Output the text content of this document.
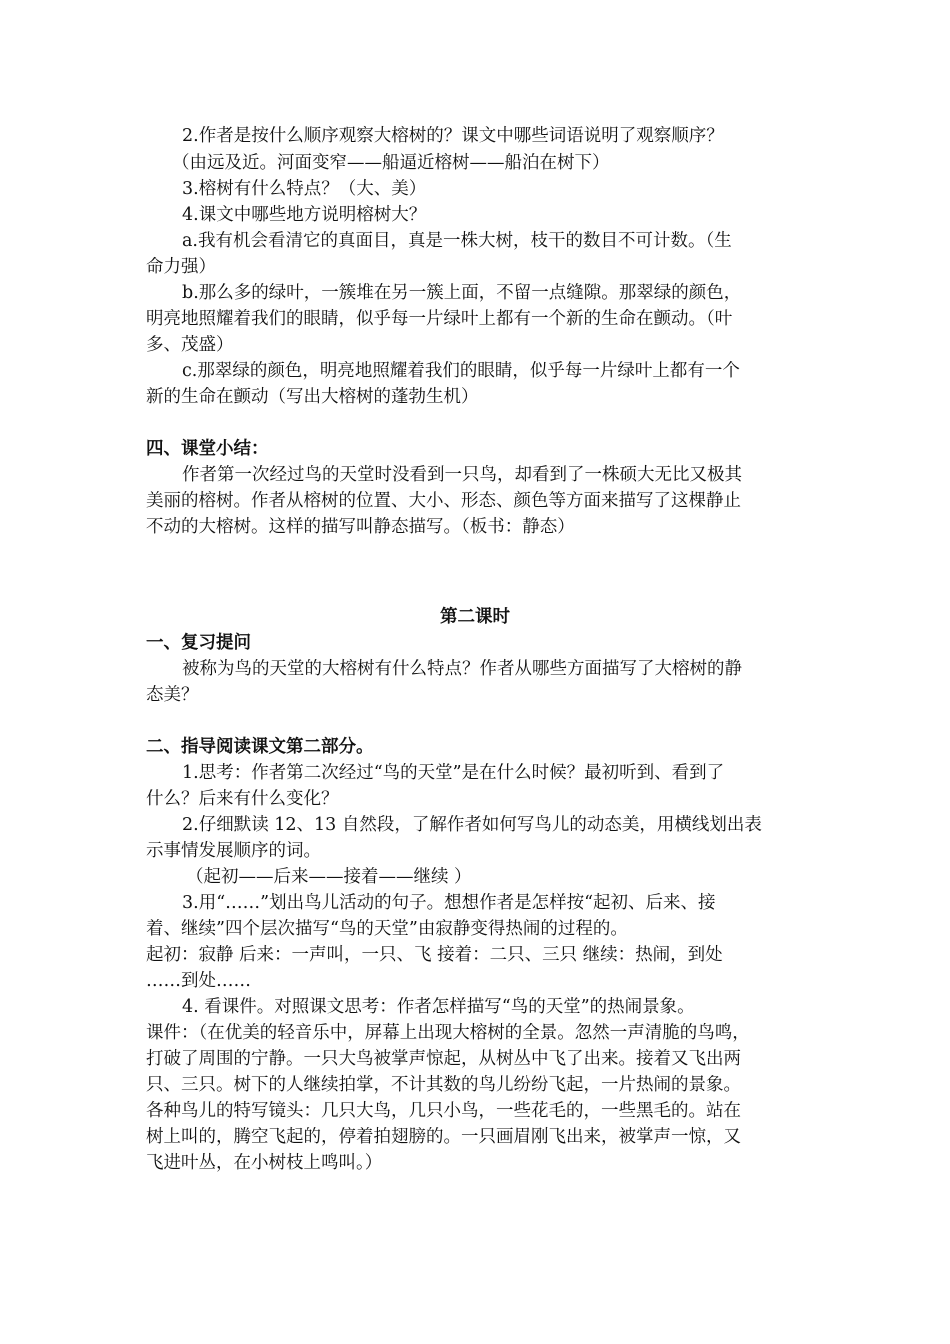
2.作者是按什么顺序观察大榕树的？课文中哪些词语说明了观察顺序？
（由远及近。河面变窄——船逼近榕树——船泊在树下）
3.榕树有什么特点？（大、美）
4.课文中哪些地方说明榕树大？
a.我有机会看清它的真面目，真是一株大树，枝干的数目不可计数。（生
命力强）
b.那么多的绿叶，一簇堆在另一簇上面，不留一点缝隙。那翠绿的颜色，
明亮地照耀着我们的眼睛，似乎每一片绿叶上都有一个新的生命在颤动。（叶
多、茂盛）
c.那翠绿的颜色，明亮地照耀着我们的眼睛，似乎每一片绿叶上都有一个
新的生命在颤动（写出大榕树的蓬勃生机）
四、课堂小结：
作者第一次经过鸟的天堂时没看到一只鸟，却看到了一株硕大无比又极其
美丽的榕树。作者从榕树的位置、大小、形态、颜色等方面来描写了这棵静止
不动的大榕树。这样的描写叫静态描写。（板书：静态）
第二课时
一、复习提问
被称为鸟的天堂的大榕树有什么特点？作者从哪些方面描写了大榕树的静
态美？
二、指导阅读课文第二部分。
1.思考：作者第二次经过“鸟的天堂”是在什么时候？最初听到、看到了
什么？后来有什么变化？
2.仔细默读 12、13 自然段，了解作者如何写鸟儿的动态美，用横线划出表
示事情发展顺序的词。
（起初——后来——接着——继续 ）
3.用“……”划出鸟儿活动的句子。想想作者是怎样按“起初、后来、接
着、继续”四个层次描写“鸟的天堂”由寂静变得热闹的过程的。
起初：寂静 后来：一声叫，一只、飞 接着：二只、三只 继续：热闹，到处
……到处……
4. 看课件。对照课文思考：作者怎样描写“鸟的天堂”的热闹景象。
课件：（在优美的轻音乐中，屏幕上出现大榕树的全景。忽然一声清脆的鸟鸣，
打破了周围的宁静。一只大鸟被掌声惊起，从树丛中飞了出来。接着又飞出两
只、三只。树下的人继续拍掌，不计其数的鸟儿纷纷飞起，一片热闹的景象。
各种鸟儿的特写镜头：几只大鸟，几只小鸟，一些花毛的，一些黑毛的。站在
树上叫的，腾空飞起的，停着拍翅膀的。一只画眉刚飞出来，被掌声一惊，又
飞进叶丛，在小树枝上鸣叫。）
